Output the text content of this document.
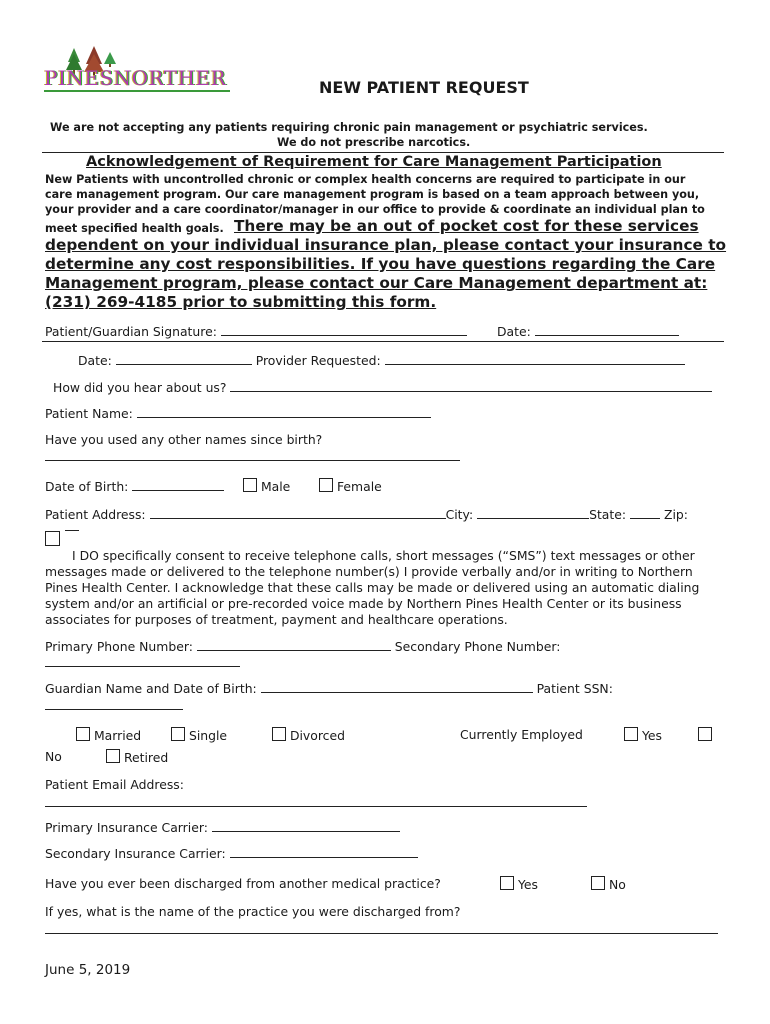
PINESNORTHER	NEW PATIENT REQUEST
We are not accepting any patients requiring chronic pain management or psychiatric services.
We do not prescribe narcotics.
Acknowledgement of Requirement for Care Management Participation
New Patients with uncontrolled chronic or complex health concerns are required to participate in our
care management program. Our care management program is based on a team approach between you,
your provider and a care coordinator/manager in our office to provide & coordinate an individual plan to
meet specified health goals. There may be an out of pocket cost for these services
dependent on your individual insurance plan, please contact your insurance to
determine any cost responsibilities. If you have questions regarding the Care
Management program, please contact our Care Management department at:
(231) 269-4185 prior to submitting this form.
Patient/Guardian Signature:	Date:
Date:	Provider Requested:
How did you hear about us?
Patient Name:
Have you used any other names since birth?
Date of Birth:	Male	Female
Patient Address:	City:	State:	Zip:

I DO specifically consent to receive telephone calls, short messages (“SMS”) text messages or other
messages made or delivered to the telephone number(s) I provide verbally and/or in writing to Northern
Pines Health Center. I acknowledge that these calls may be made or delivered using an automatic dialing
system and/or an artificial or pre-recorded voice made by Northern Pines Health Center or its business
associates for purposes of treatment, payment and healthcare operations.
Primary Phone Number:	Secondary Phone Number:
Guardian Name and Date of Birth:	Patient SSN:
Married	Single	Divorced	Currently Employed	Yes
No	Retired
Patient Email Address:
Primary Insurance Carrier:
Secondary Insurance Carrier:
Have you ever been discharged from another medical practice?	Yes	No
If yes, what is the name of the practice you were discharged from?
June 5, 2019
